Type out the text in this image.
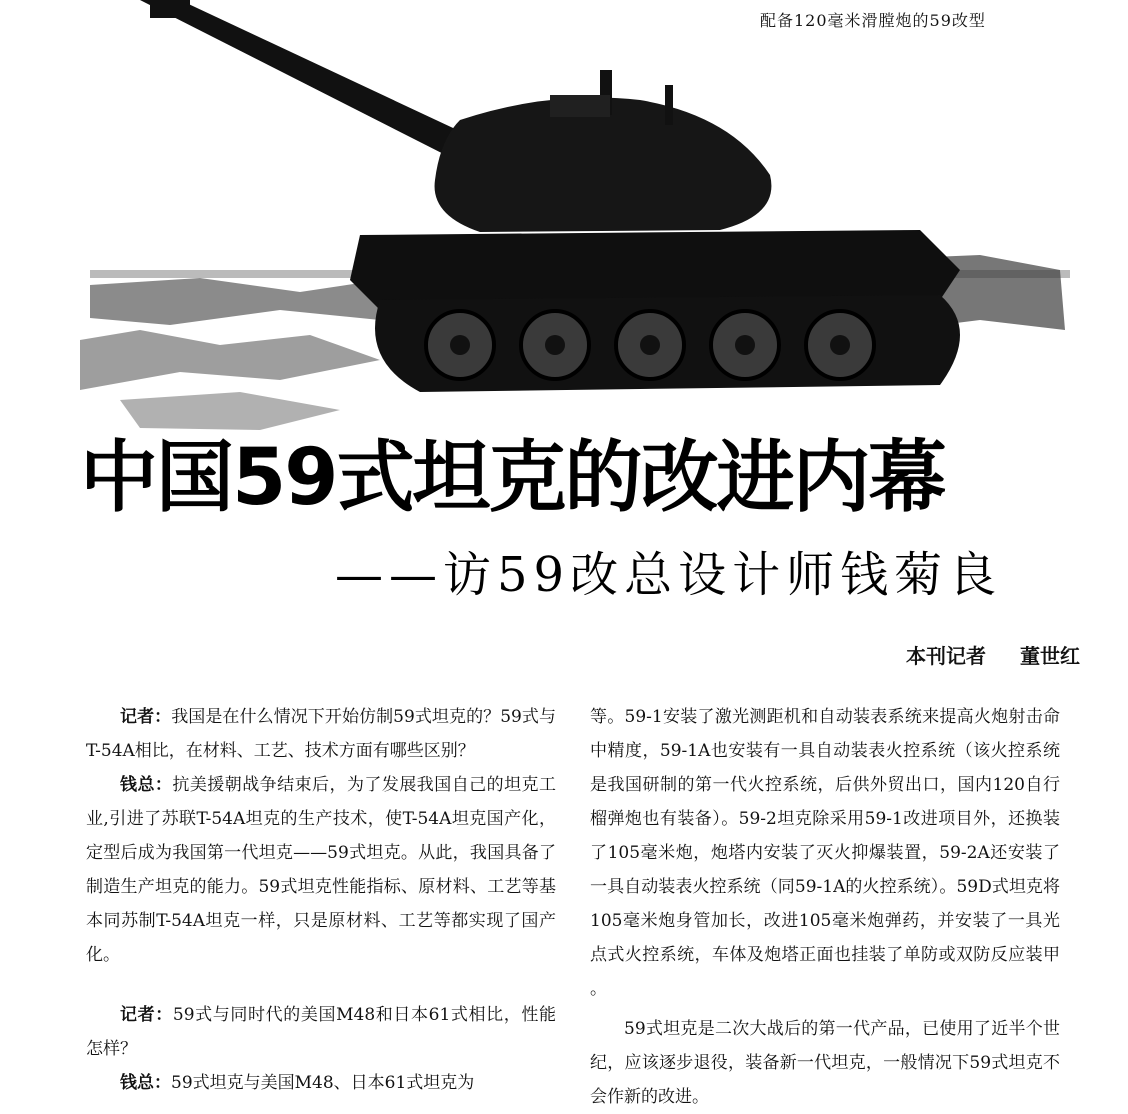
配备120毫米滑膛炮的59改型
中国59式坦克的改进内幕
——访59改总设计师钱菊良
本刊记者 董世红

记者：我国是在什么情况下开始仿制59式坦克的？59式与T-54A相比，在材料、工艺、技术方面有哪些区别？

钱总：抗美援朝战争结束后，为了发展我国自己的坦克工业,引进了苏联T-54A坦克的生产技术，使T-54A坦克国产化，定型后成为我国第一代坦克——59式坦克。从此，我国具备了制造生产坦克的能力。59式坦克性能指标、原材料、工艺等基本同苏制T-54A坦克一样，只是原材料、工艺等都实现了国产化。

记者：59式与同时代的美国M48和日本61式相比，性能怎样？

钱总：59式坦克与美国M48、日本61式坦克为

等。59-1安装了激光测距机和自动装表系统来提高火炮射击命中精度，59-1A也安装有一具自动装表火控系统（该火控系统是我国研制的第一代火控系统，后供外贸出口，国内120自行榴弹炮也有装备）。59-2坦克除采用59-1改进项目外，还换装了105毫米炮，炮塔内安装了灭火抑爆装置，59-2A还安装了一具自动装表火控系统（同59-1A的火控系统）。59D式坦克将105毫米炮身管加长，改进105毫米炮弹药，并安装了一具光点式火控系统，车体及炮塔正面也挂装了单防或双防反应装甲 。

59式坦克是二次大战后的第一代产品，已使用了近半个世纪，应该逐步退役，装备新一代坦克，一般情况下59式坦克不会作新的改进。
